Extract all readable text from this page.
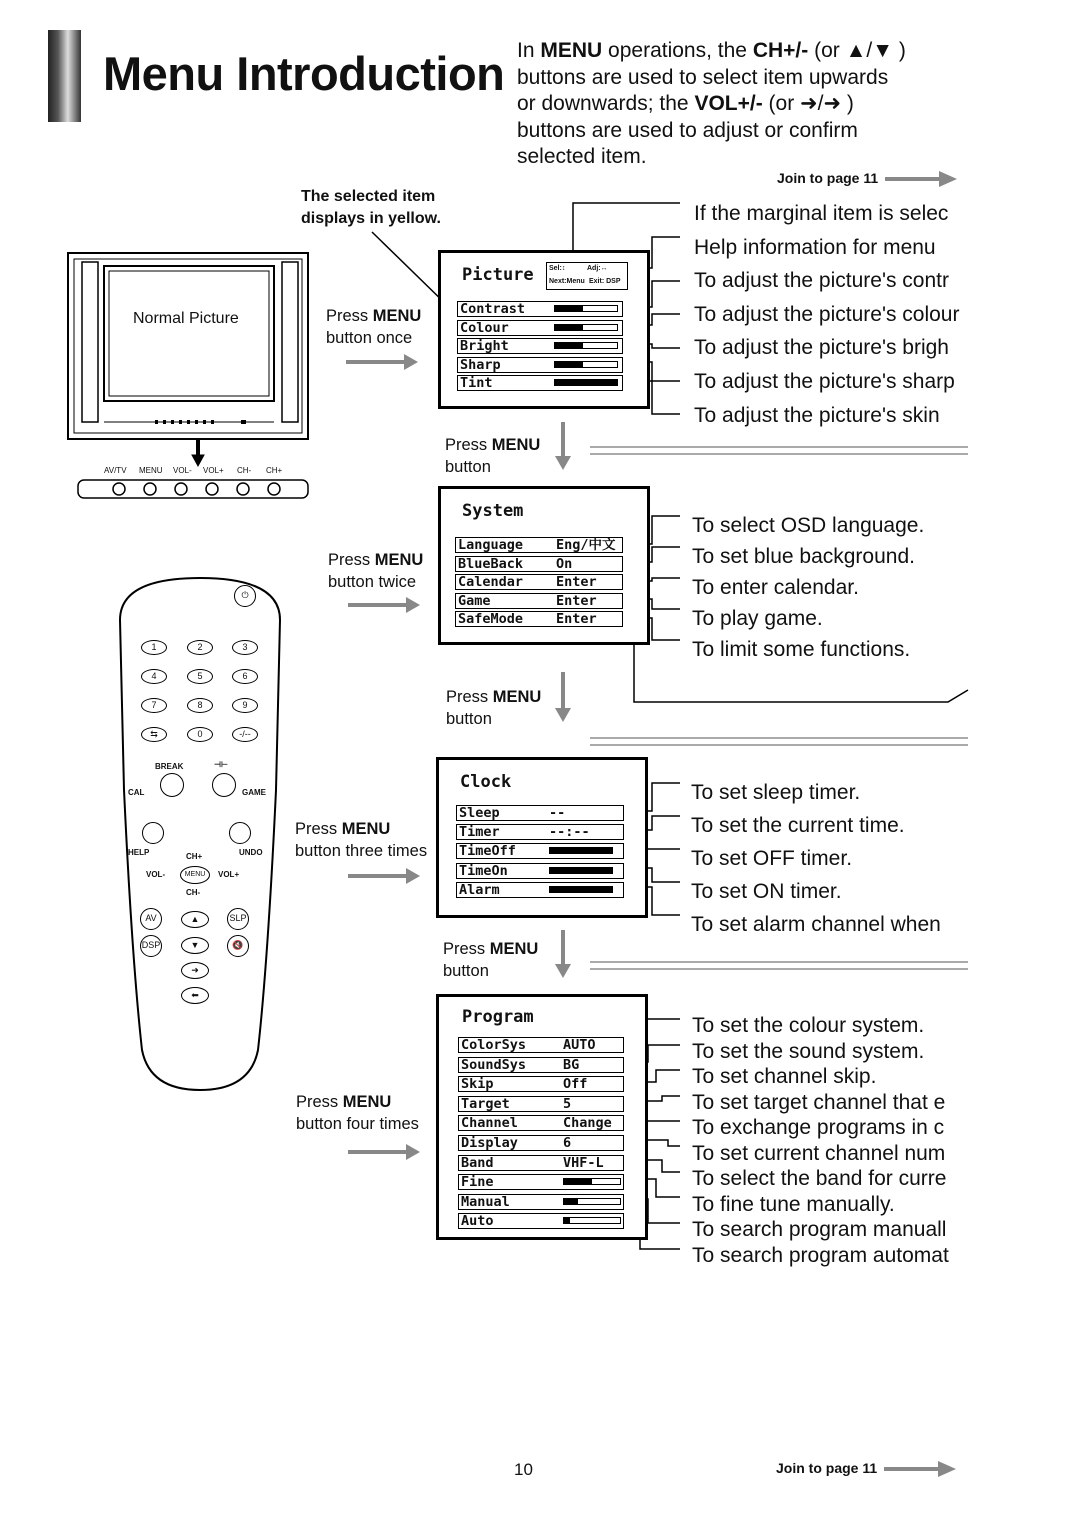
Menu Introduction In MENU operations, the CH+/- (or ▲/▼ )
buttons are used to select item upwards
or downwards; the VOL+/- (or ➜/➜ )
buttons are used to adjust or confirm
selected item.
Join to page 11
The selected item displays in yellow.
Normal Picture
AV/TV MENU VOL- VOL+ CH- CH+
Press MENU
button once
Press MENU
button
Press MENU
button twice
Press MENU
button
Press MENU
button three times
Press MENU
button
Press MENU
button four times
Picture Sel:↕	Adj:↔
Next:Menu Exit: DSP
Contrast
Colour
Bright
Sharp
Tint
System
Language Eng/中文
BlueBack On
Calendar Enter
Game	Enter
SafeMode Enter
Clock
Sleep	--
Timer	--:--
TimeOff
TimeOn
Alarm
Program
ColorSys	AUTO
SoundSys	BG
Skip	Off
Target	5
Channel	Change
Display	6
Band	VHF-L
Fine
Manual
Auto
If the marginal item is selec
Help information for menu
To adjust the picture's contr
To adjust the picture's colour
To adjust the picture's brigh
To adjust the picture's sharp
To adjust the picture's skin
To select OSD language.
To set blue background.
To enter calendar.
To play game.
To limit some functions.
To set sleep timer.
To set the current time.
To set OFF timer.
To set ON timer.
To set alarm channel when
To set the colour system.
To set the sound system.
To set channel skip.
To set target channel that e
To exchange programs in c
To set current channel num
To select the band for curre
To fine tune manually.
To search program manuall
To search program automat
⏻
1	2	3
4	5	6
7	8	9
⇆	0	-/--
BREAK	⊣⊢
CAL	GAME
HELP	UNDO
CH+
CH-
VOL-	VOL+
MENU
AV	SLP
DSP	🔇
▲
▼
➜
⬅
10	Join to page 11
